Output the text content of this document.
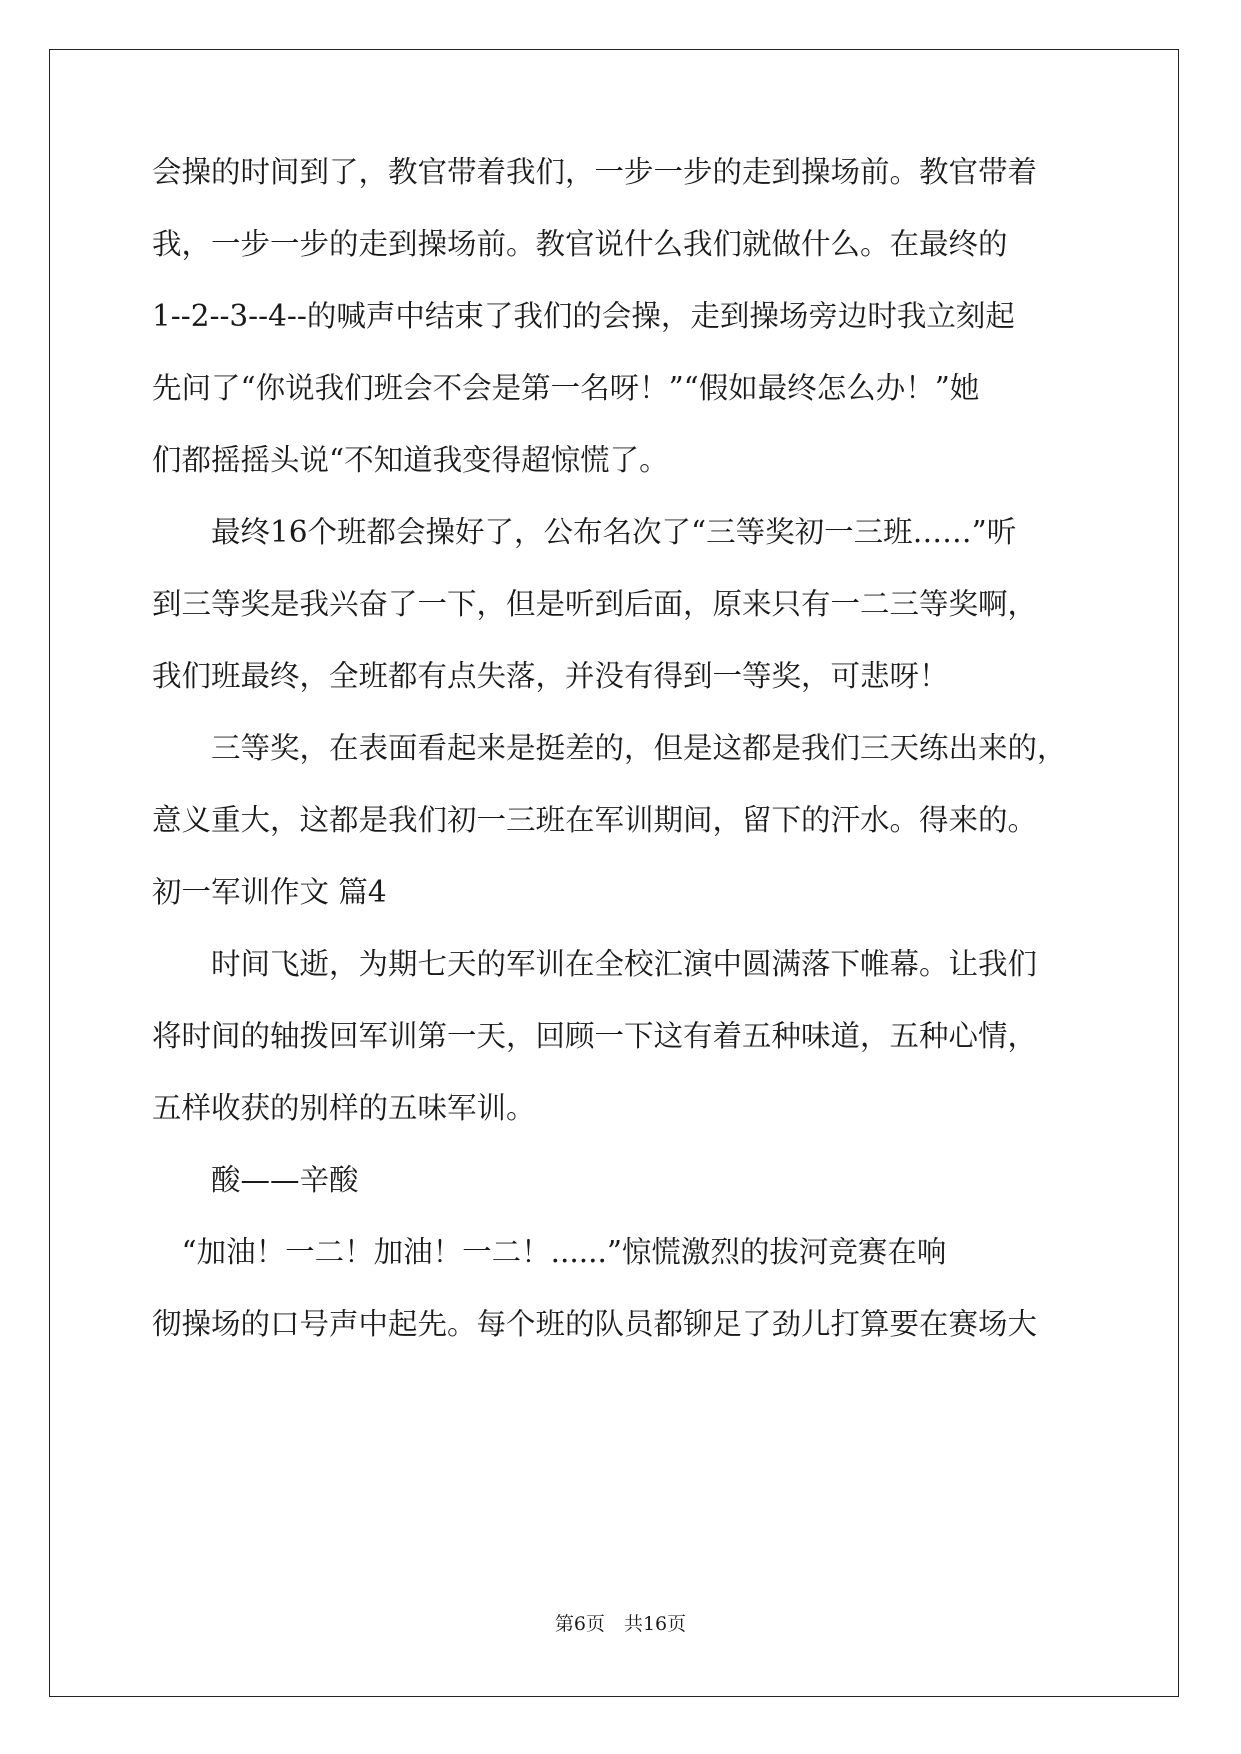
会操的时间到了，教官带着我们，一步一步的走到操场前。教官带着
我，一步一步的走到操场前。教官说什么我们就做什么。在最终的
1--2--3--4--的喊声中结束了我们的会操，走到操场旁边时我立刻起
先问了“你说我们班会不会是第一名呀！”“假如最终怎么办！”她
们都摇摇头说“不知道我变得超惊慌了。
　　最终16个班都会操好了，公布名次了“三等奖初一三班……”听
到三等奖是我兴奋了一下，但是听到后面，原来只有一二三等奖啊，
我们班最终，全班都有点失落，并没有得到一等奖，可悲呀！
　　三等奖，在表面看起来是挺差的，但是这都是我们三天练出来的，
意义重大，这都是我们初一三班在军训期间，留下的汗水。得来的。
初一军训作文 篇4
　　时间飞逝，为期七天的军训在全校汇演中圆满落下帷幕。让我们
将时间的轴拨回军训第一天，回顾一下这有着五种味道，五种心情，
五样收获的别样的五味军训。
　　酸——辛酸
　“加油！一二！加油！一二！......”惊慌激烈的拔河竞赛在响
彻操场的口号声中起先。每个班的队员都铆足了劲儿打算要在赛场大
第6页　共16页
